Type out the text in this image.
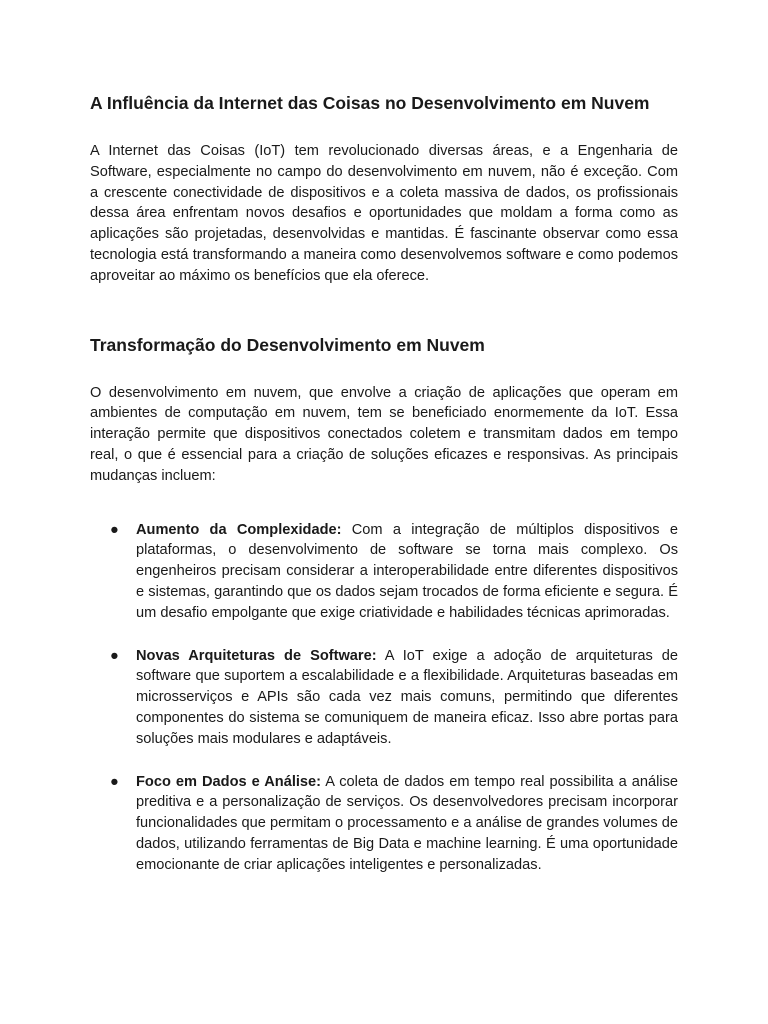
A Influência da Internet das Coisas no Desenvolvimento em Nuvem

A Internet das Coisas (IoT) tem revolucionado diversas áreas, e a Engenharia de Software, especialmente no campo do desenvolvimento em nuvem, não é exceção. Com a crescente conectividade de dispositivos e a coleta massiva de dados, os profissionais dessa área enfrentam novos desafios e oportunidades que moldam a forma como as aplicações são projetadas, desenvolvidas e mantidas. É fascinante observar como essa tecnologia está transformando a maneira como desenvolvemos software e como podemos aproveitar ao máximo os benefícios que ela oferece.

Transformação do Desenvolvimento em Nuvem

O desenvolvimento em nuvem, que envolve a criação de aplicações que operam em ambientes de computação em nuvem, tem se beneficiado enormemente da IoT. Essa interação permite que dispositivos conectados coletem e transmitam dados em tempo real, o que é essencial para a criação de soluções eficazes e responsivas. As principais mudanças incluem:

● Aumento da Complexidade: Com a integração de múltiplos dispositivos e plataformas, o desenvolvimento de software se torna mais complexo. Os engenheiros precisam considerar a interoperabilidade entre diferentes dispositivos e sistemas, garantindo que os dados sejam trocados de forma eficiente e segura. É um desafio empolgante que exige criatividade e habilidades técnicas aprimoradas.
● Novas Arquiteturas de Software: A IoT exige a adoção de arquiteturas de software que suportem a escalabilidade e a flexibilidade. Arquiteturas baseadas em microsserviços e APIs são cada vez mais comuns, permitindo que diferentes componentes do sistema se comuniquem de maneira eficaz. Isso abre portas para soluções mais modulares e adaptáveis.
● Foco em Dados e Análise: A coleta de dados em tempo real possibilita a análise preditiva e a personalização de serviços. Os desenvolvedores precisam incorporar funcionalidades que permitam o processamento e a análise de grandes volumes de dados, utilizando ferramentas de Big Data e machine learning. É uma oportunidade emocionante de criar aplicações inteligentes e personalizadas.
